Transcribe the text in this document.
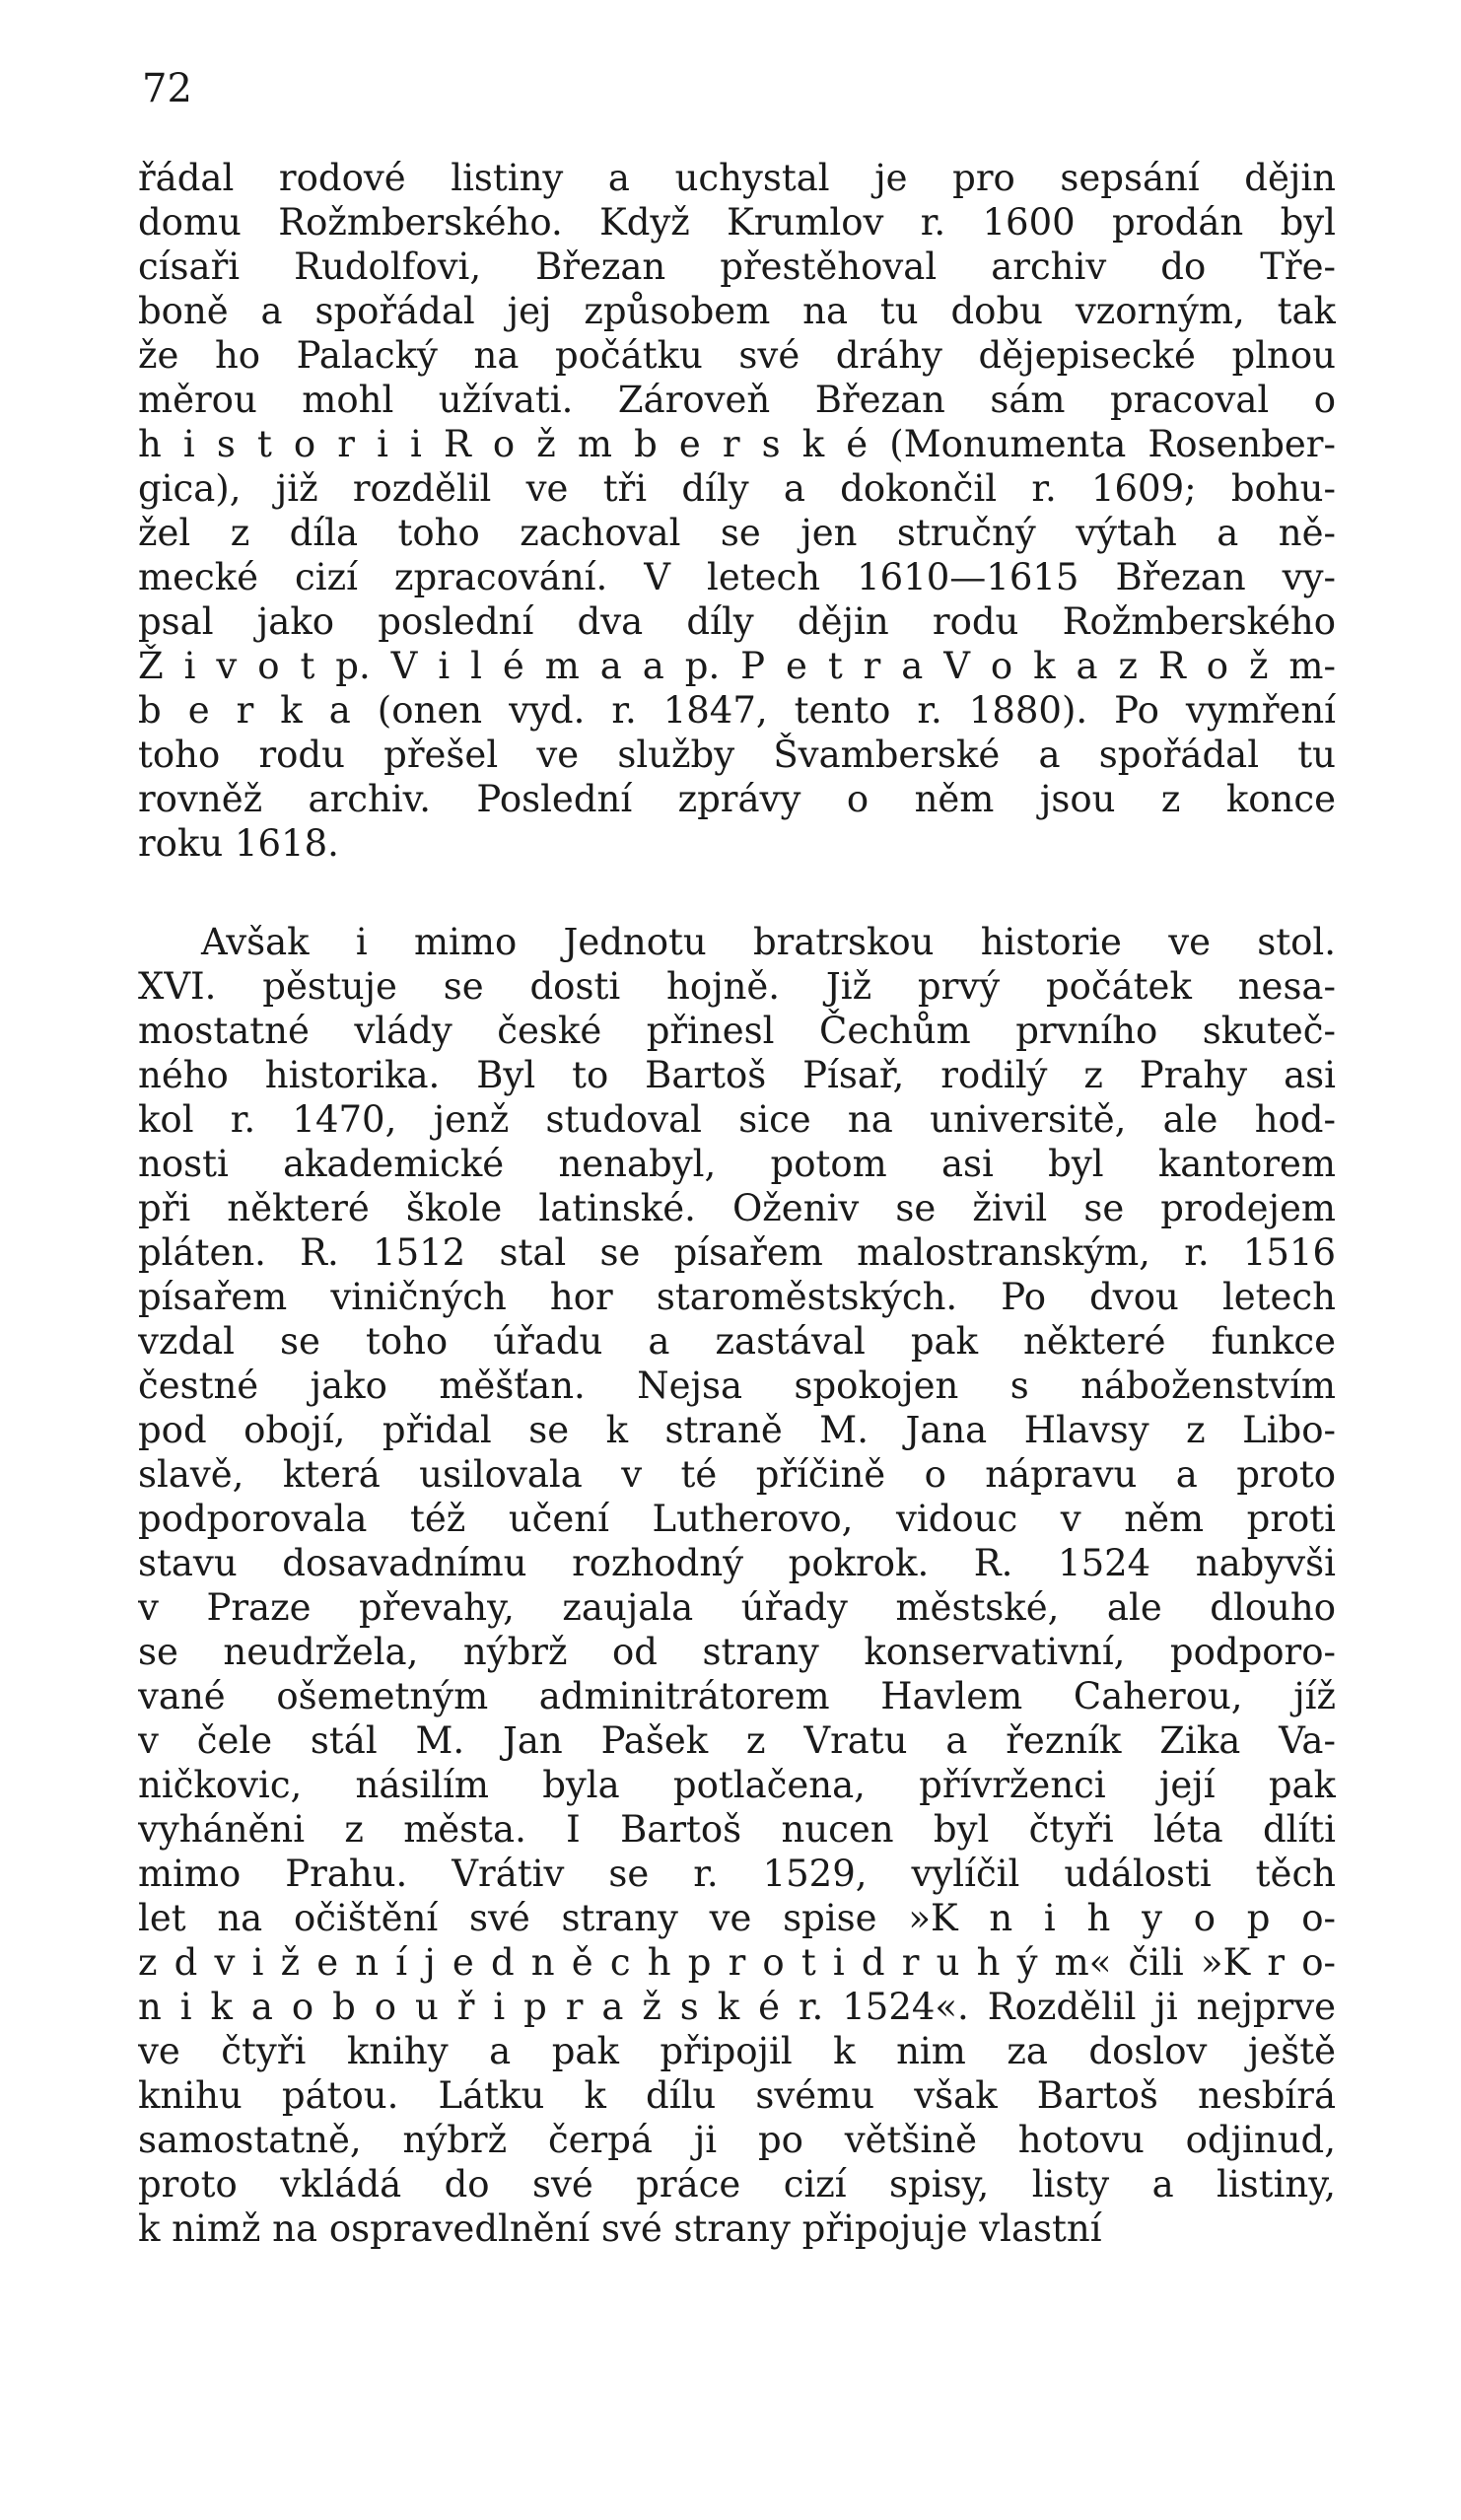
72
řádal rodové listiny a uchystal je pro sepsání dějin
domu Rožmberského. Když Krumlov r. 1600 prodán byl
císaři Rudolfovi, Březan přestěhoval archiv do Tře-
boně a spořádal jej způsobem na tu dobu vzorným, tak
že ho Palacký na počátku své dráhy dějepisecké plnou
měrou mohl užívati. Zároveň Březan sám pracoval o
h i s t o r i i R o ž m b e r s k é (Monumenta Rosenber-
gica), již rozdělil ve tři díly a dokončil r. 1609; bohu-
žel z díla toho zachoval se jen stručný výtah a ně-
mecké cizí zpracování. V letech 1610—1615 Březan vy-
psal jako poslední dva díly dějin rodu Rožmberského
Ž i v o t p. V i l é m a a p. P e t r a V o k a z R o ž m-
b e r k a (onen vyd. r. 1847, tento r. 1880). Po vymření
toho rodu přešel ve služby Švamberské a spořádal tu
rovněž archiv. Poslední zprávy o něm jsou z konce
roku 1618.
Avšak i mimo Jednotu bratrskou historie ve stol.
XVI. pěstuje se dosti hojně. Již prvý počátek nesa-
mostatné vlády české přinesl Čechům prvního skuteč-
ného historika. Byl to Bartoš Písař, rodilý z Prahy asi
kol r. 1470, jenž studoval sice na universitě, ale hod-
nosti akademické nenabyl, potom asi byl kantorem
při některé škole latinské. Oženiv se živil se prodejem
pláten. R. 1512 stal se písařem malostranským, r. 1516
písařem viničných hor staroměstských. Po dvou letech
vzdal se toho úřadu a zastával pak některé funkce
čestné jako měšťan. Nejsa spokojen s náboženstvím
pod obojí, přidal se k straně M. Jana Hlavsy z Libo-
slavě, která usilovala v té příčině o nápravu a proto
podporovala též učení Lutherovo, vidouc v něm proti
stavu dosavadnímu rozhodný pokrok. R. 1524 nabyvši
v Praze převahy, zaujala úřady městské, ale dlouho
se neudržela, nýbrž od strany konservativní, podporo-
vané ošemetným adminitrátorem Havlem Caherou, jíž
v čele stál M. Jan Pašek z Vratu a řezník Zika Va-
ničkovic, násilím byla potlačena, přívrženci její pak
vyháněni z města. I Bartoš nucen byl čtyři léta dlíti
mimo Prahu. Vrátiv se r. 1529, vylíčil události těch
let na očištění své strany ve spise »K n i h y o p o-
z d v i ž e n í j e d n ě c h p r o t i d r u h ý m« čili »K r o-
n i k a o b o u ř i p r a ž s k é r. 1524«. Rozdělil ji nejprve
ve čtyři knihy a pak připojil k nim za doslov ještě
knihu pátou. Látku k dílu svému však Bartoš nesbírá
samostatně, nýbrž čerpá ji po většině hotovu odjinud,
proto vkládá do své práce cizí spisy, listy a listiny,
k nimž na ospravedlnění své strany připojuje vlastní
